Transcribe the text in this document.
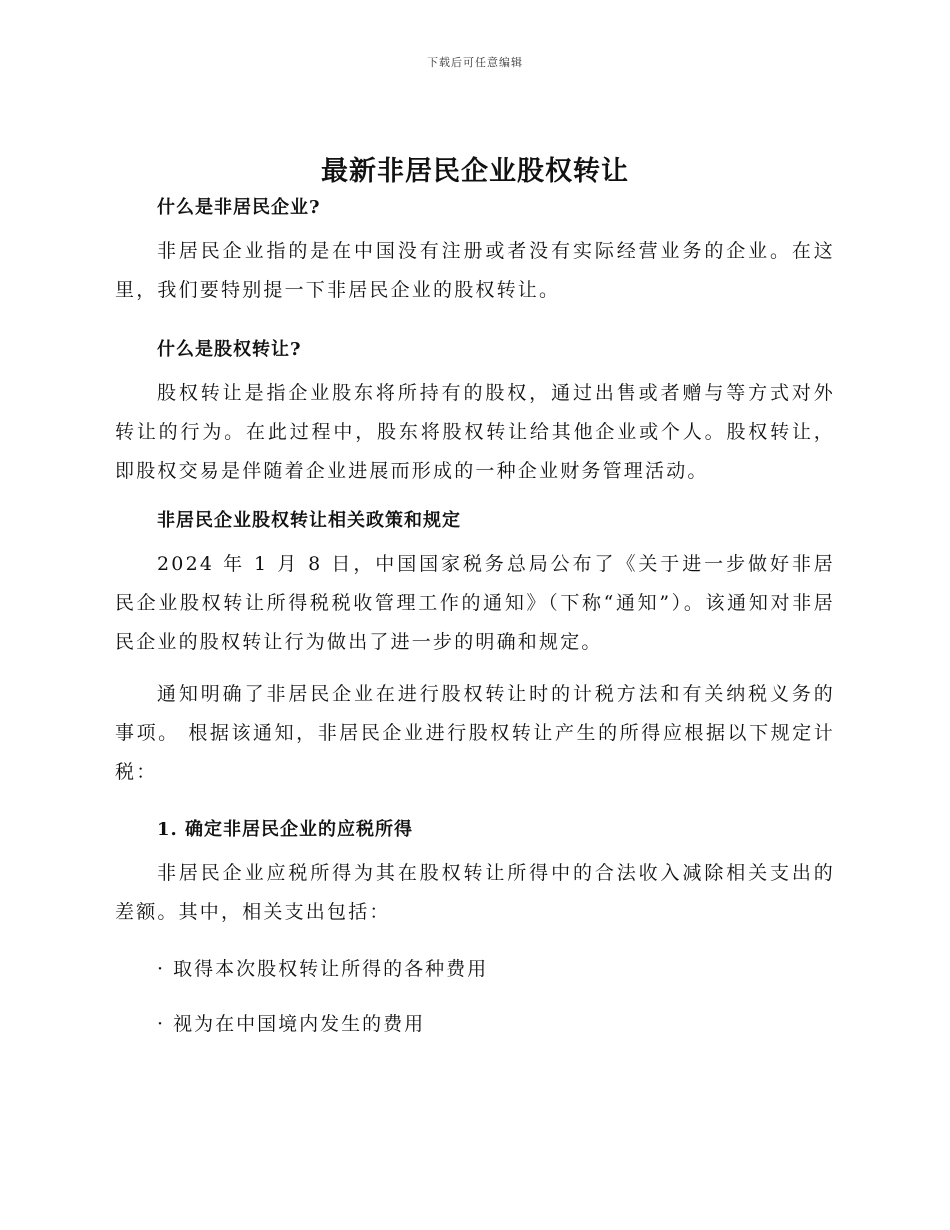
下载后可任意编辑
最新非居民企业股权转让
什么是非居民企业?

非居民企业指的是在中国没有注册或者没有实际经营业务的企业。在这里，我们要特别提一下非居民企业的股权转让。

什么是股权转让?

股权转让是指企业股东将所持有的股权，通过出售或者赠与等方式对外转让的行为。在此过程中，股东将股权转让给其他企业或个人。股权转让，即股权交易是伴随着企业进展而形成的一种企业财务管理活动。

非居民企业股权转让相关政策和规定

2024 年 1 月 8 日，中国国家税务总局公布了《关于进一步做好非居民企业股权转让所得税税收管理工作的通知》（下称“通知”）。该通知对非居民企业的股权转让行为做出了进一步的明确和规定。

通知明确了非居民企业在进行股权转让时的计税方法和有关纳税义务的事项。 根据该通知，非居民企业进行股权转让产生的所得应根据以下规定计税：

1. 确定非居民企业的应税所得

非居民企业应税所得为其在股权转让所得中的合法收入减除相关支出的差额。其中，相关支出包括：

· 取得本次股权转让所得的各种费用

· 视为在中国境内发生的费用
